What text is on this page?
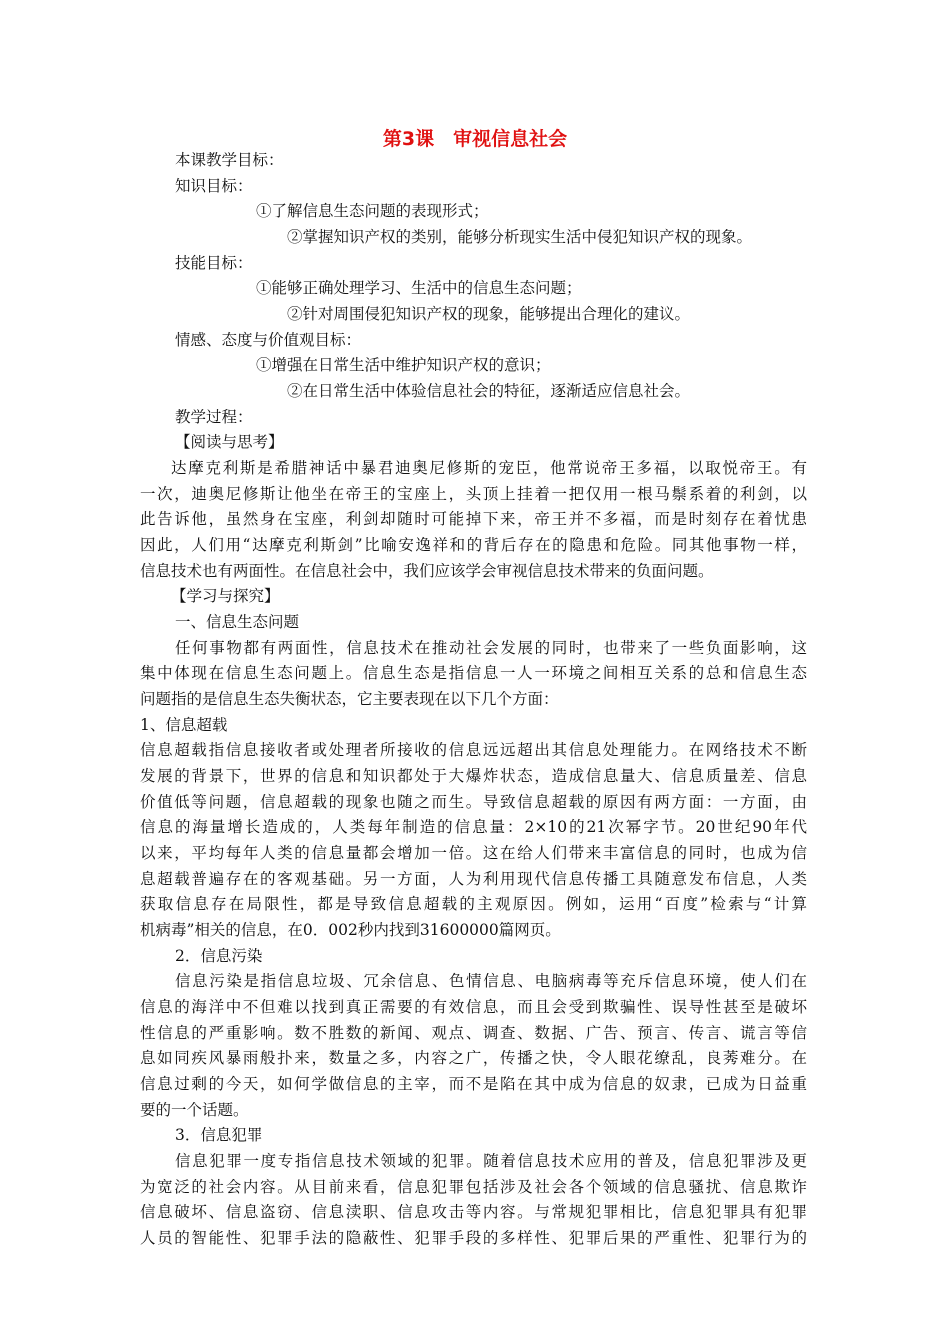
第3课　审视信息社会
本课教学目标：
知识目标：
①了解信息生态问题的表现形式；
②掌握知识产权的类别，能够分析现实生活中侵犯知识产权的现象。
技能目标：
①能够正确处理学习、生活中的信息生态问题；
②针对周围侵犯知识产权的现象，能够提出合理化的建议。
情感、态度与价值观目标：
①增强在日常生活中维护知识产权的意识；
②在日常生活中体验信息社会的特征，逐渐适应信息社会。
教学过程：
【阅读与思考】
达摩克利斯是希腊神话中暴君迪奥尼修斯的宠臣，他常说帝王多福，以取悦帝王。有
一次，迪奥尼修斯让他坐在帝王的宝座上，头顶上挂着一把仅用一根马鬃系着的利剑，以
此告诉他，虽然身在宝座，利剑却随时可能掉下来，帝王并不多福，而是时刻存在着忧患
因此，人们用“达摩克利斯剑”比喻安逸祥和的背后存在的隐患和危险。同其他事物一样，
信息技术也有两面性。在信息社会中，我们应该学会审视信息技术带来的负面问题。
【学习与探究】
一、信息生态问题
任何事物都有两面性，信息技术在推动社会发展的同时，也带来了一些负面影响，这
集中体现在信息生态问题上。信息生态是指信息一人一环境之间相互关系的总和信息生态
问题指的是信息生态失衡状态，它主要表现在以下几个方面：
1、信息超载
信息超载指信息接收者或处理者所接收的信息远远超出其信息处理能力。在网络技术不断
发展的背景下，世界的信息和知识都处于大爆炸状态，造成信息量大、信息质量差、信息
价值低等问题，信息超载的现象也随之而生。导致信息超载的原因有两方面：一方面，由
信息的海量增长造成的，人类每年制造的信息量：2×10的21次幂字节。20世纪90年代
以来，平均每年人类的信息量都会增加一倍。这在给人们带来丰富信息的同时，也成为信
息超载普遍存在的客观基础。另一方面，人为利用现代信息传播工具随意发布信息，人类
获取信息存在局限性，都是导致信息超载的主观原因。例如，运用“百度”检索与“计算
机病毒”相关的信息，在0．002秒内找到31600000篇网页。
2．信息污染
信息污染是指信息垃圾、冗余信息、色情信息、电脑病毒等充斥信息环境，使人们在
信息的海洋中不但难以找到真正需要的有效信息，而且会受到欺骗性、误导性甚至是破坏
性信息的严重影响。数不胜数的新闻、观点、调查、数据、广告、预言、传言、谎言等信
息如同疾风暴雨般扑来，数量之多，内容之广，传播之快，令人眼花缭乱，良莠难分。在
信息过剩的今天，如何学做信息的主宰，而不是陷在其中成为信息的奴隶，已成为日益重
要的一个话题。
3．信息犯罪
信息犯罪一度专指信息技术领域的犯罪。随着信息技术应用的普及，信息犯罪涉及更
为宽泛的社会内容。从目前来看，信息犯罪包括涉及社会各个领域的信息骚扰、信息欺诈
信息破坏、信息盗窃、信息渎职、信息攻击等内容。与常规犯罪相比，信息犯罪具有犯罪
人员的智能性、犯罪手法的隐蔽性、犯罪手段的多样性、犯罪后果的严重性、犯罪行为的
